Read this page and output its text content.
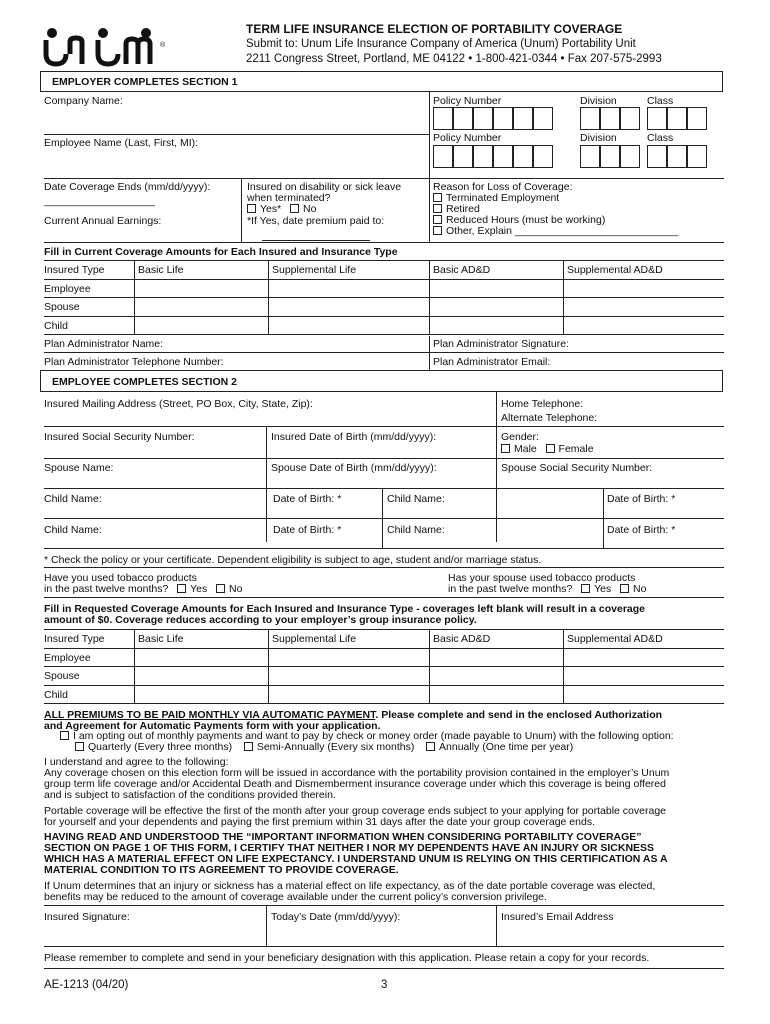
®
TERM LIFE INSURANCE ELECTION OF PORTABILITY COVERAGE
Submit to: Unum Life Insurance Company of America (Unum) Portability Unit
2211 Congress Street, Portland, ME 04122 • 1-800-421-0344 • Fax 207-575-2993
EMPLOYER COMPLETES SECTION 1
Company Name:	Policy Number	Division	Class
Employee Name (Last, First, MI):	Policy Number	Division	Class
Date Coverage Ends (mm/dd/yyyy):
___________________
Current Annual Earnings:
Insured on disability or sick leave
when terminated?
Yes* No
*If Yes, date premium paid to:
Reason for Loss of Coverage:
Terminated Employment
Retired
Reduced Hours (must be working)
Other, Explain ____________________________
Fill in Current Coverage Amounts for Each Insured and Insurance Type
Insured Type	Basic Life	Supplemental Life	Basic AD&D	Supplemental AD&D
Employee
Spouse
Child
Plan Administrator Name:	Plan Administrator Signature:
Plan Administrator Telephone Number:	Plan Administrator Email:
EMPLOYEE COMPLETES SECTION 2
Insured Mailing Address (Street, PO Box, City, State, Zip):	Home Telephone:
Alternate Telephone:
Insured Social Security Number:	Insured Date of Birth (mm/dd/yyyy):	Gender:
Male Female
Spouse Name:	Spouse Date of Birth (mm/dd/yyyy):	Spouse Social Security Number:
Child Name:	Date of Birth: *	Child Name:	Date of Birth: *
Child Name:	Date of Birth: *	Child Name:	Date of Birth: *
* Check the policy or your certificate. Dependent eligibility is subject to age, student and/or marriage status.
Have you used tobacco products
in the past twelve months? Yes No
Has your spouse used tobacco products
in the past twelve months? Yes No
Fill in Requested Coverage Amounts for Each Insured and Insurance Type - coverages left blank will result in a coverage
amount of $0. Coverage reduces according to your employer’s group insurance policy.
Insured Type	Basic Life	Supplemental Life	Basic AD&D	Supplemental AD&D
Employee
Spouse
Child
ALL PREMIUMS TO BE PAID MONTHLY VIA AUTOMATIC PAYMENT. Please complete and send in the enclosed Authorization
and Agreement for Automatic Payments form with your application.
I am opting out of monthly payments and want to pay by check or money order (made payable to Unum) with the following option:
Quarterly (Every three months) Semi-Annually (Every six months) Annually (One time per year)
I understand and agree to the following:
Any coverage chosen on this election form will be issued in accordance with the portability provision contained in the employer’s Unum
group term life coverage and/or Accidental Death and Dismemberment insurance coverage under which this coverage is being offered
and is subject to satisfaction of the conditions provided therein.
Portable coverage will be effective the first of the month after your group coverage ends subject to your applying for portable coverage
for yourself and your dependents and paying the first premium within 31 days after the date your group coverage ends.
HAVING READ AND UNDERSTOOD THE “IMPORTANT INFORMATION WHEN CONSIDERING PORTABILITY COVERAGE”
SECTION ON PAGE 1 OF THIS FORM, I CERTIFY THAT NEITHER I NOR MY DEPENDENTS HAVE AN INJURY OR SICKNESS
WHICH HAS A MATERIAL EFFECT ON LIFE EXPECTANCY. I UNDERSTAND UNUM IS RELYING ON THIS CERTIFICATION AS A
MATERIAL CONDITION TO ITS AGREEMENT TO PROVIDE COVERAGE.
If Unum determines that an injury or sickness has a material effect on life expectancy, as of the date portable coverage was elected,
benefits may be reduced to the amount of coverage available under the current policy’s conversion privilege.
Insured Signature:	Today’s Date (mm/dd/yyyy):	Insured’s Email Address
Please remember to complete and send in your beneficiary designation with this application. Please retain a copy for your records.
AE-1213 (04/20)	3
